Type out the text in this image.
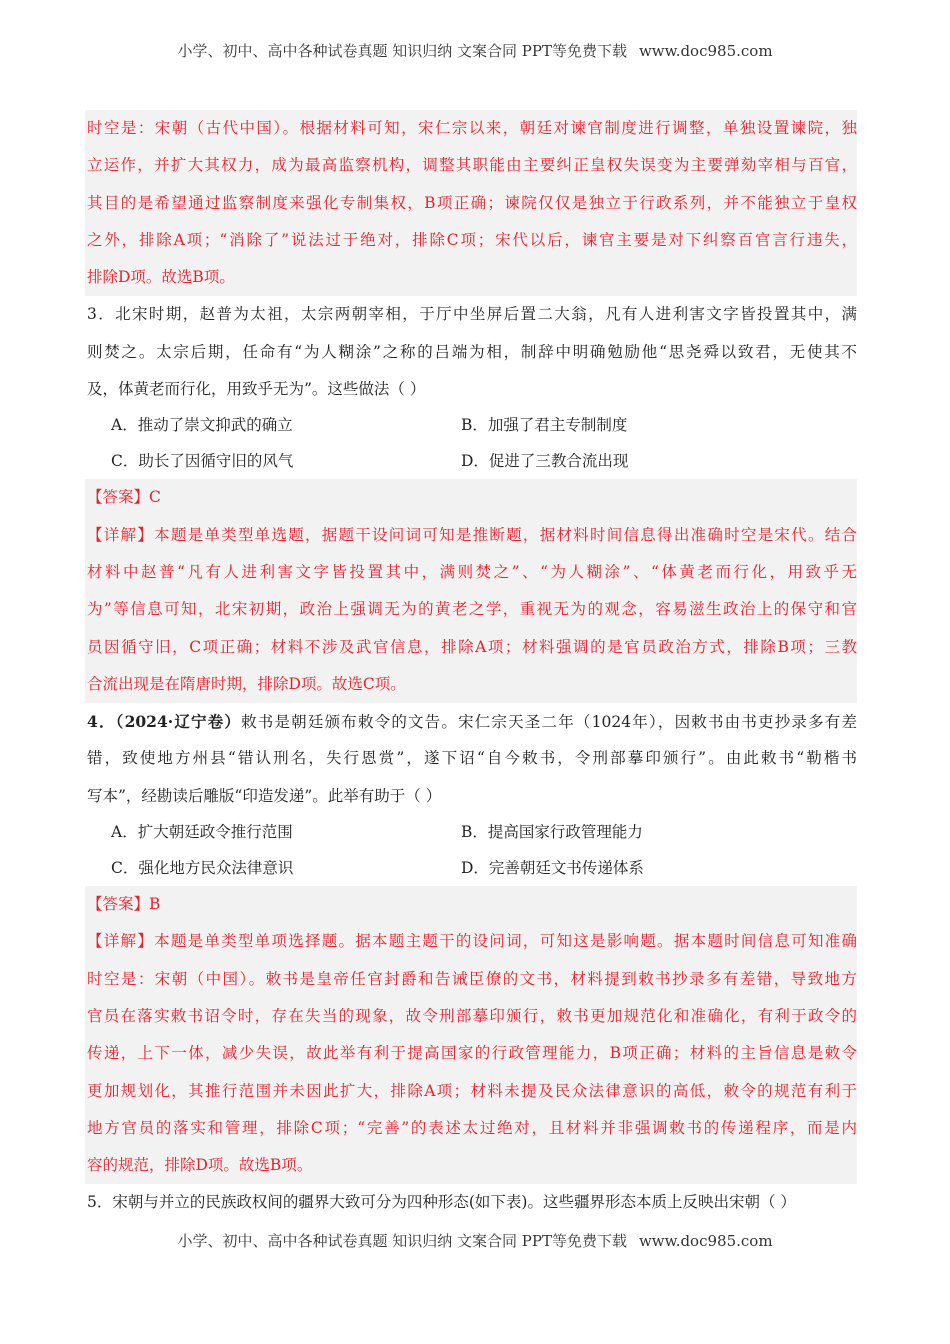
小学、初中、高中各种试卷真题 知识归纳 文案合同 PPT等免费下载 www.doc985.com
时空是：宋朝（古代中国）。根据材料可知，宋仁宗以来，朝廷对谏官制度进行调整，单独设置谏院，独
立运作，并扩大其权力，成为最高监察机构，调整其职能由主要纠正皇权失误变为主要弹劾宰相与百官，
其目的是希望通过监察制度来强化专制集权，B项正确；谏院仅仅是独立于行政系列，并不能独立于皇权
之外，排除A项；“消除了”说法过于绝对，排除C项；宋代以后，谏官主要是对下纠察百官言行违失，
排除D项。故选B项。
3．北宋时期，赵普为太祖，太宗两朝宰相，于厅中坐屏后置二大翁，凡有人进利害文字皆投置其中，满
则焚之。太宗后期，任命有“为人糊涂”之称的吕端为相，制辞中明确勉励他“思尧舜以致君，无使其不
及，体黄老而行化，用致乎无为”。这些做法（ ）
A．推动了崇文抑武的确立	B．加强了君主专制制度
C．助长了因循守旧的风气	D．促进了三教合流出现
【答案】C
【详解】本题是单类型单选题，据题干设问词可知是推断题，据材料时间信息得出准确时空是宋代。结合
材料中赵普“凡有人进利害文字皆投置其中，满则焚之”、“为人糊涂”、“体黄老而行化，用致乎无
为”等信息可知，北宋初期，政治上强调无为的黄老之学，重视无为的观念，容易滋生政治上的保守和官
员因循守旧，C项正确；材料不涉及武官信息，排除A项；材料强调的是官员政治方式，排除B项；三教
合流出现是在隋唐时期，排除D项。故选C项。
4．（2024·辽宁卷）敕书是朝廷颁布敕令的文告。宋仁宗天圣二年（1024年），因敕书由书吏抄录多有差
错，致使地方州县“错认刑名，失行恩赏”，遂下诏“自今敕书，令刑部摹印颁行”。由此敕书“勒楷书
写本”，经勘读后雕版“印造发递”。此举有助于（ ）
A．扩大朝廷政令推行范围	B．提高国家行政管理能力
C．强化地方民众法律意识	D．完善朝廷文书传递体系
【答案】B
【详解】本题是单类型单项选择题。据本题主题干的设问词，可知这是影响题。据本题时间信息可知准确
时空是：宋朝（中国）。敕书是皇帝任官封爵和告诫臣僚的文书，材料提到敕书抄录多有差错，导致地方
官员在落实敕书诏令时，存在失当的现象，故令刑部摹印颁行，敕书更加规范化和准确化，有利于政令的
传递，上下一体，减少失误，故此举有利于提高国家的行政管理能力，B项正确；材料的主旨信息是敕令
更加规划化，其推行范围并未因此扩大，排除A项；材料未提及民众法律意识的高低，敕令的规范有利于
地方官员的落实和管理，排除C项；“完善”的表述太过绝对，且材料并非强调敕书的传递程序，而是内
容的规范，排除D项。故选B项。
5．宋朝与并立的民族政权间的疆界大致可分为四种形态(如下表)。这些疆界形态本质上反映出宋朝（ ）
小学、初中、高中各种试卷真题 知识归纳 文案合同 PPT等免费下载 www.doc985.com
